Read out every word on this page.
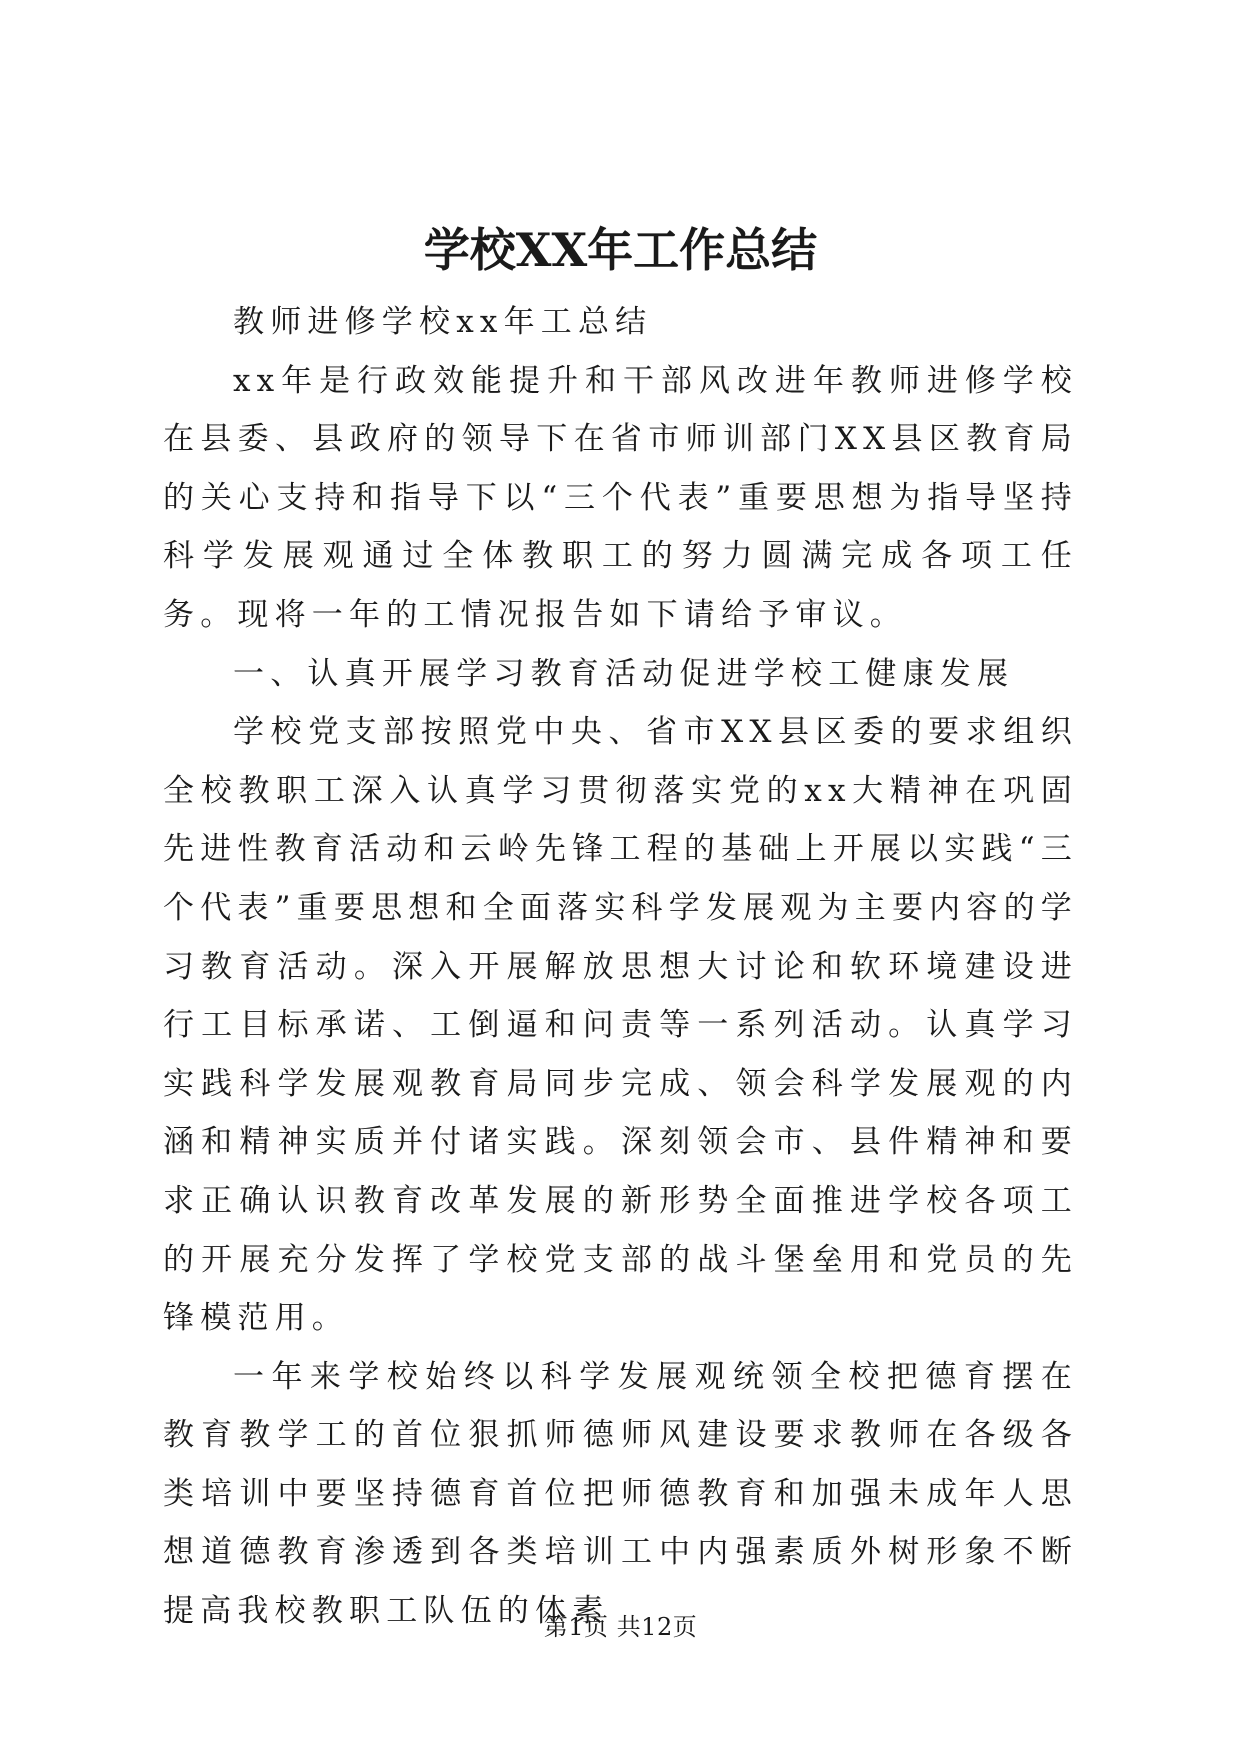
学校XX年工作总结

教师进修学校xx年工总结

xx年是行政效能提升和干部风改进年教师进修学校在县委、县政府的领导下在省市师训部门XX县区教育局的关心支持和指导下以“三个代表”重要思想为指导坚持科学发展观通过全体教职工的努力圆满完成各项工任务。现将一年的工情况报告如下请给予审议。

一、认真开展学习教育活动促进学校工健康发展

学校党支部按照党中央、省市XX县区委的要求组织全校教职工深入认真学习贯彻落实党的xx大精神在巩固先进性教育活动和云岭先锋工程的基础上开展以实践“三个代表”重要思想和全面落实科学发展观为主要内容的学习教育活动。深入开展解放思想大讨论和软环境建设进行工目标承诺、工倒逼和问责等一系列活动。认真学习实践科学发展观教育局同步完成、领会科学发展观的内涵和精神实质并付诸实践。深刻领会市、县件精神和要求正确认识教育改革发展的新形势全面推进学校各项工的开展充分发挥了学校党支部的战斗堡垒用和党员的先锋模范用。

一年来学校始终以科学发展观统领全校把德育摆在教育教学工的首位狠抓师德师风建设要求教师在各级各类培训中要坚持德育首位把师德教育和加强未成年人思想道德教育渗透到各类培训工中内强素质外树形象不断提高我校教职工队伍的体素

第1页 共12页
